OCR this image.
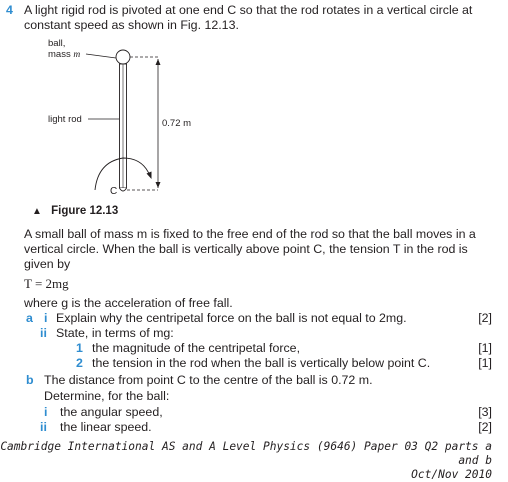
4 A light rigid rod is pivoted at one end C so that the rod rotates in a vertical circle at
constant speed as shown in Fig. 12.13.
ball,
mass m
C
0.72 m
light rod
▲ Figure 12.13
A small ball of mass m is fixed to the free end of the rod so that the ball moves in a
vertical circle. When the ball is vertically above point C, the tension T in the rod is
given by
T = 2mg
where g is the acceleration of free fall.
a i Explain why the centripetal force on the ball is not equal to 2mg.	[2]
ii State, in terms of mg:
1 the magnitude of the centripetal force,	[1]
2 the tension in the rod when the ball is vertically below point C.	[1]
b The distance from point C to the centre of the ball is 0.72 m.
Determine, for the ball:
i the angular speed,	[3]
ii the linear speed.	[2]
Cambridge International AS and A Level Physics (9646) Paper 03 Q2 parts a and b
Oct/Nov 2010
